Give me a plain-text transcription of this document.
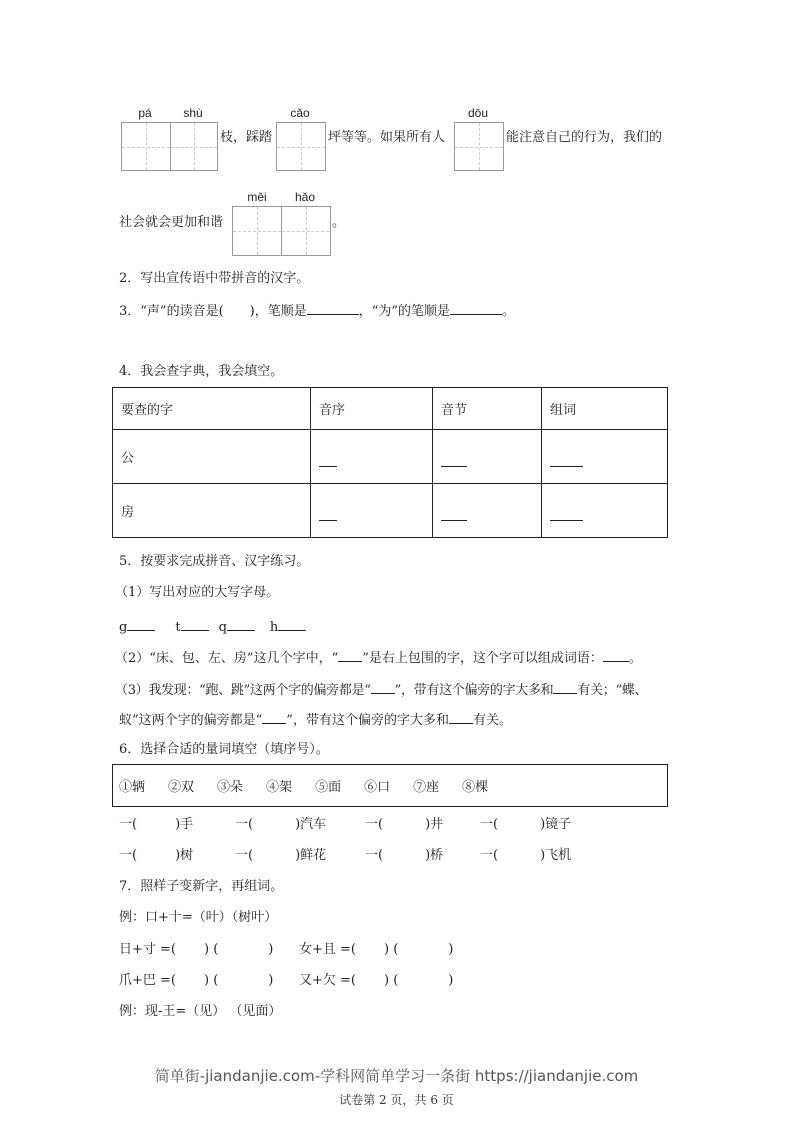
pá	shù
枝，踩踏
cǎo
坪等等。如果所有人
dōu
能注意自己的行为，我们的
社会就会更加和谐
měi	hǎo
。
2．写出宣传语中带拼音的汉字。
3．“声”的读音是( )，笔顺是	，“为”的笔顺是	。
4．我会查字典，我会填空。
要查的字	音序	音节	组词
公			
房			
5．按要求完成拼音、汉字练习。
（1）写出对应的大写字母。
g	t	q	h
（2）“床、包、左、房”这几个字中，“ ”是右上包围的字，这个字可以组成词语： 。
（3）我发现：“跑、跳”这两个字的偏旁都是“ ”，带有这个偏旁的字大多和 有关；“蝶、
蚁”这两个字的偏旁都是“ ”，带有这个偏旁的字大多和 有关。
6．选择合适的量词填空（填序号）。
①辆 ②双 ③朵 ④架 ⑤面 ⑥口 ⑦座 ⑧棵
一(	)手	一(	)汽车	一(	)井	一(	)镜子
一(	)树	一(	)鲜花	一(	)桥	一(	)飞机
7．照样子变新字，再组词。
例：口+十=（叶）（树叶）
日+寸 =( ) (	) 女+且 =( ) (	)
爪+巴 =( ) (	) 又+欠 =( ) (	)
例：现-王=（见） （见面）
简单街-jiandanjie.com-学科网简单学习一条街 https://jiandanjie.com
试卷第 2 页，共 6 页
